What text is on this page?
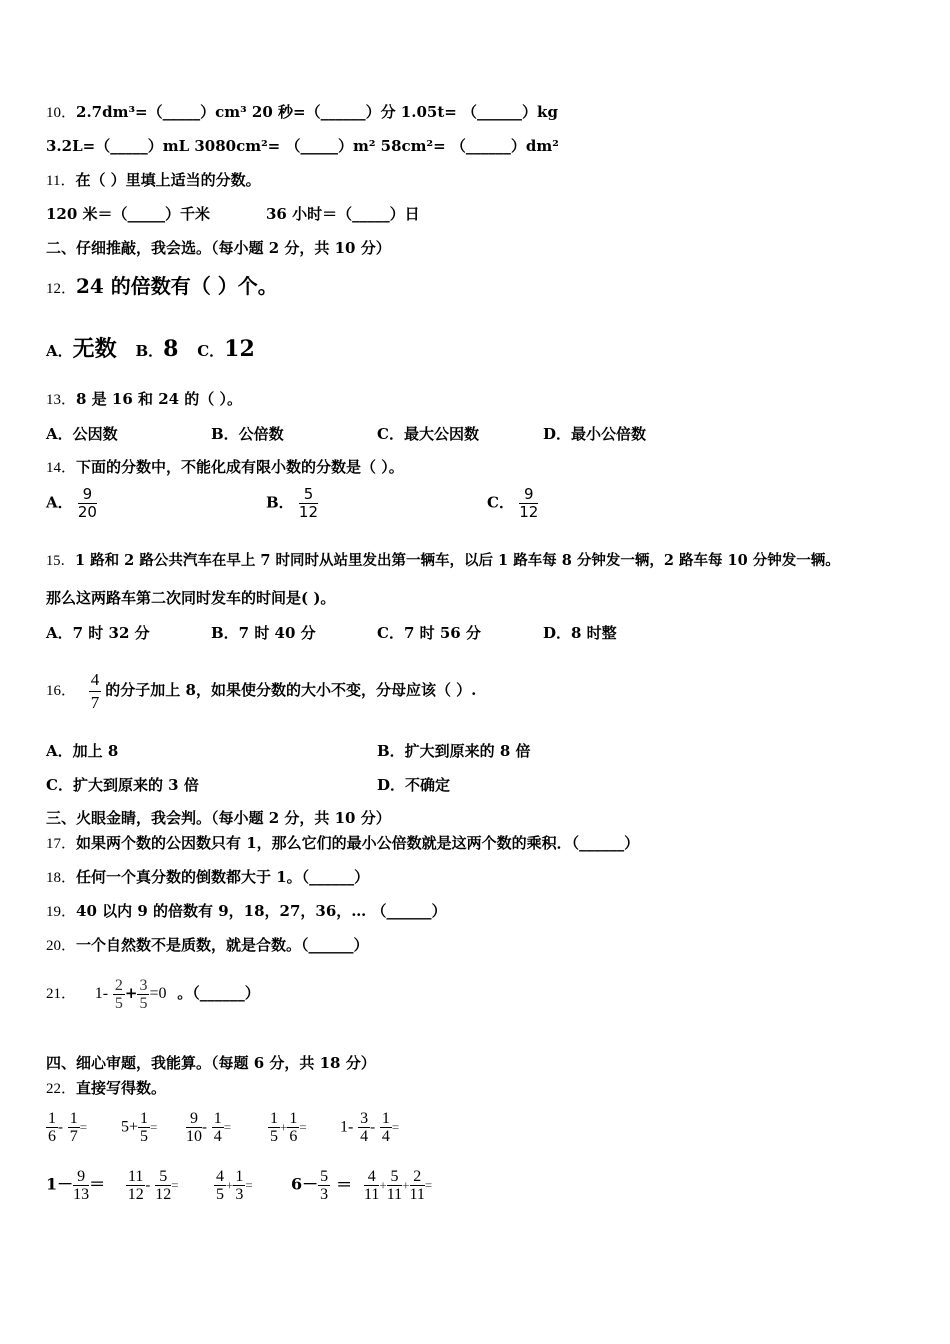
10．2.7dm³=（_____）cm³ 20 秒=（______）分 1.05t= （______）kg
3.2L=（_____）mL 3080cm²= （_____）m² 58cm²= （______）dm²
11．在（ ）里填上适当的分数。
120 米＝（_____）千米	36 小时＝（_____）日
二、仔细推敲，我会选。（每小题 2 分，共 10 分）
12．24 的倍数有（ ）个。
A．无数 B．8 C．12
13．8 是 16 和 24 的（ ）。
A．公因数	B．公倍数	C．最大公因数	D．最小公倍数
14．下面的分数中，不能化成有限小数的分数是（ ）。
A． $\frac{9}{20}$	B． $\frac{5}{12}$	C． $\frac{9}{12}$
15．1 路和 2 路公共汽车在早上 7 时同时从站里发出第一辆车，以后 1 路车每 8 分钟发一辆，2 路车每 10 分钟发一辆。
那么这两路车第二次同时发车的时间是( )。
A．7 时 32 分	B．7 时 40 分	C．7 时 56 分	D．8 时整
16． $\frac{4}{7}$ 的分子加上 8，如果使分数的大小不变，分母应该（ ）.
A．加上 8	B．扩大到原来的 8 倍
C．扩大到原来的 3 倍	D．不确定
三、火眼金睛，我会判。（每小题 2 分，共 10 分）
17．如果两个数的公因数只有 1，那么它们的最小公倍数就是这两个数的乘积．（______）
18．任何一个真分数的倒数都大于 1。（______）
19．40 以内 9 的倍数有 9，18，27，36，… （______）
20．一个自然数不是质数，就是合数。（______）
21． $1- \frac{2}{5} + \frac{3}{5} =0$ 。（______）
四、细心审题，我能算。（每题 6 分，共 18 分）
22．直接写得数。
$\frac{1}{6} - \frac{1}{7} = 5+ \frac{1}{5} = \frac{9}{10} - \frac{1}{4} = \frac{1}{5} + \frac{1}{6} = 1- \frac{3}{4} - \frac{1}{4}$ =
$1- \frac{9}{13} = \frac{11}{12} - \frac{5}{12} = \frac{4}{5} + \frac{1}{3} = 6- \frac{5}{3} = \frac{4}{11} + \frac{5}{11} + \frac{2}{11}$ =
